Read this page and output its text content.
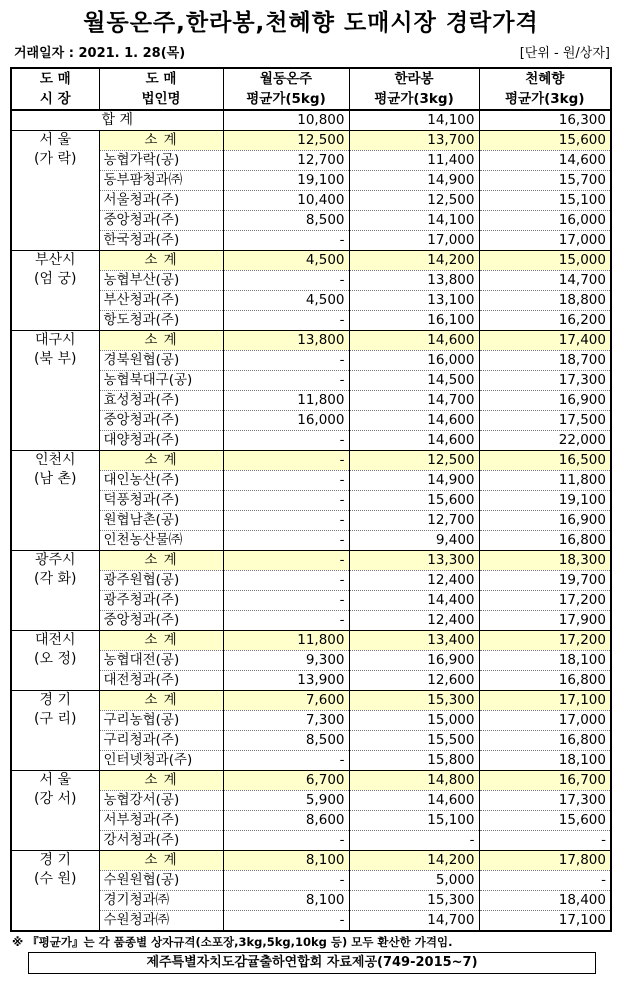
월동온주,한라봉,천혜향 도매시장 경락가격
거래일자 : 2021. 1. 28(목)	[단위 - 원/상자]
도 매	도 매	월동온주	한라봉	천혜향
시 장	법인명	평균가(5kg)	평균가(3kg)	평균가(3kg)
합 계		10,800	14,100	16,300

서 울
(가 락)	소 계	12,500	13,700	15,600
	농협가락(공)	12,700	11,400	14,600
	동부팜청과㈜	19,100	14,900	15,700
	서울청과(주)	10,400	12,500	15,100
	중앙청과(주)	8,500	14,100	16,000
	한국청과(주)	-	17,000	17,000

부산시
(엄 궁)	소 계	4,500	14,200	15,000
	농협부산(공)	-	13,800	14,700
	부산청과(주)	4,500	13,100	18,800
	항도청과(주)	-	16,100	16,200

대구시
(북 부)	소 계	13,800	14,600	17,400
	경북원협(공)	-	16,000	18,700
	농협북대구(공)	-	14,500	17,300
	효성청과(주)	11,800	14,700	16,900
	중앙청과(주)	16,000	14,600	17,500
	대양청과(주)	-	14,600	22,000

인천시
(남 촌)	소 계	-	12,500	16,500
	대인농산(주)	-	14,900	11,800
	덕풍청과(주)	-	15,600	19,100
	원협남촌(공)	-	12,700	16,900
	인천농산물㈜	-	9,400	16,800

광주시
(각 화)	소 계	-	13,300	18,300
	광주원협(공)	-	12,400	19,700
	광주청과(주)	-	14,400	17,200
	중앙청과(주)	-	12,400	17,900

대전시
(오 정)	소 계	11,800	13,400	17,200
	농협대전(공)	9,300	16,900	18,100
	대전청과(주)	13,900	12,600	16,800

경 기
(구 리)	소 계	7,600	15,300	17,100
	구리농협(공)	7,300	15,000	17,000
	구리청과(주)	8,500	15,500	16,800
	인터넷청과(주)	-	15,800	18,100

서 울
(강 서)	소 계	6,700	14,800	16,700
	농협강서(공)	5,900	14,600	17,300
	서부청과(주)	8,600	15,100	15,600
	강서청과(주)	-	-	-

경 기
(수 원)	소 계	8,100	14,200	17,800
	수원원협(공)	-	5,000	-
	경기청과㈜	8,100	15,300	18,400
	수원청과㈜	-	14,700	17,100
※ 『평균가』는 각 품종별 상자규격(소포장,3kg,5kg,10kg 등) 모두 환산한 가격임.
제주특별자치도감귤출하연합회 자료제공(749-2015~7)
